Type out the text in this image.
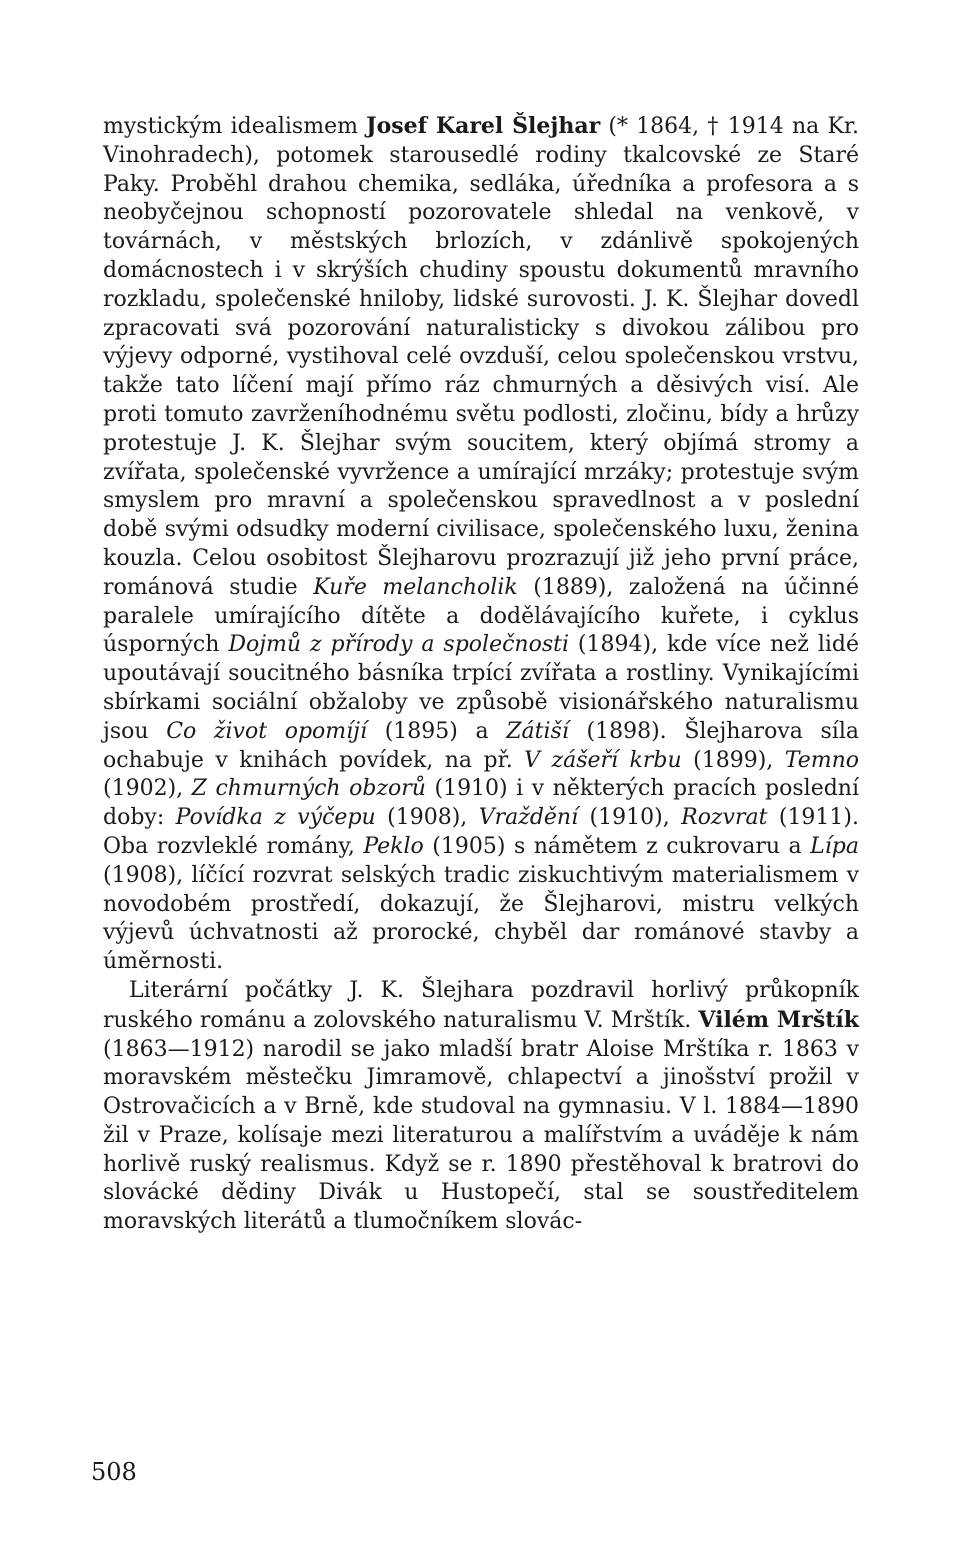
mystickým idealismem Josef Karel Šlejhar (* 1864, † 1914 na Kr. Vinohradech), potomek starousedlé rodiny tkalcovské ze Staré Paky. Proběhl drahou chemika, sedláka, úředníka a profesora a s neobyčejnou schopností pozorovatele shledal na venkově, v továrnách, v městských brlozích, v zdánlivě spokojených domácnostech i v skrýších chudiny spoustu dokumentů mravního rozkladu, společenské hniloby, lidské surovosti. J. K. Šlejhar dovedl zpracovati svá pozorování naturalisticky s divokou zálibou pro výjevy odporné, vystihoval celé ovzduší, celou společenskou vrstvu, takže tato líčení mají přímo ráz chmurných a děsivých visí. Ale proti tomuto zavrženíhodnému světu podlosti, zločinu, bídy a hrůzy protestuje J. K. Šlejhar svým soucitem, který objímá stromy a zvířata, společenské vyvržence a umírající mrzáky; protestuje svým smyslem pro mravní a společenskou spravedlnost a v poslední době svými odsudky moderní civilisace, společenského luxu, ženina kouzla. Celou osobitost Šlejharovu prozrazují již jeho první práce, románová studie Kuře melancholik (1889), založená na účinné paralele umírajícího dítěte a dodělávajícího kuřete, i cyklus úsporných Dojmů z přírody a společnosti (1894), kde více než lidé upoutávají soucitného básníka trpící zvířata a rostliny. Vynikajícími sbírkami sociální obžaloby ve způsobě visionářského naturalismu jsou Co život opomíjí (1895) a Zátiší (1898). Šlejharova síla ochabuje v knihách povídek, na př. V zášeří krbu (1899), Temno (1902), Z chmurných obzorů (1910) i v některých pracích poslední doby: Povídka z výčepu (1908), Vraždění (1910), Rozvrat (1911). Oba rozvleklé romány, Peklo (1905) s námětem z cukrovaru a Lípa (1908), líčící rozvrat selských tradic ziskuchtivým materialismem v novodobém prostředí, dokazují, že Šlejharovi, mistru velkých výjevů úchvatnosti až prorocké, chyběl dar románové stavby a úměrnosti.

Literární počátky J. K. Šlejhara pozdravil horlivý průkopník ruského románu a zolovského naturalismu V. Mrštík. Vilém Mrštík (1863—1912) narodil se jako mladší bratr Aloise Mrštíka r. 1863 v moravském městečku Jimramově, chlapectví a jinošství prožil v Ostrovačicích a v Brně, kde studoval na gymnasiu. V l. 1884—1890 žil v Praze, kolísaje mezi literaturou a malířstvím a uváděje k nám horlivě ruský realismus. Když se r. 1890 přestěhoval k bratrovi do slovácké dědiny Divák u Hustopečí, stal se soustředitelem moravských literátů a tlumočníkem slovác-

508
